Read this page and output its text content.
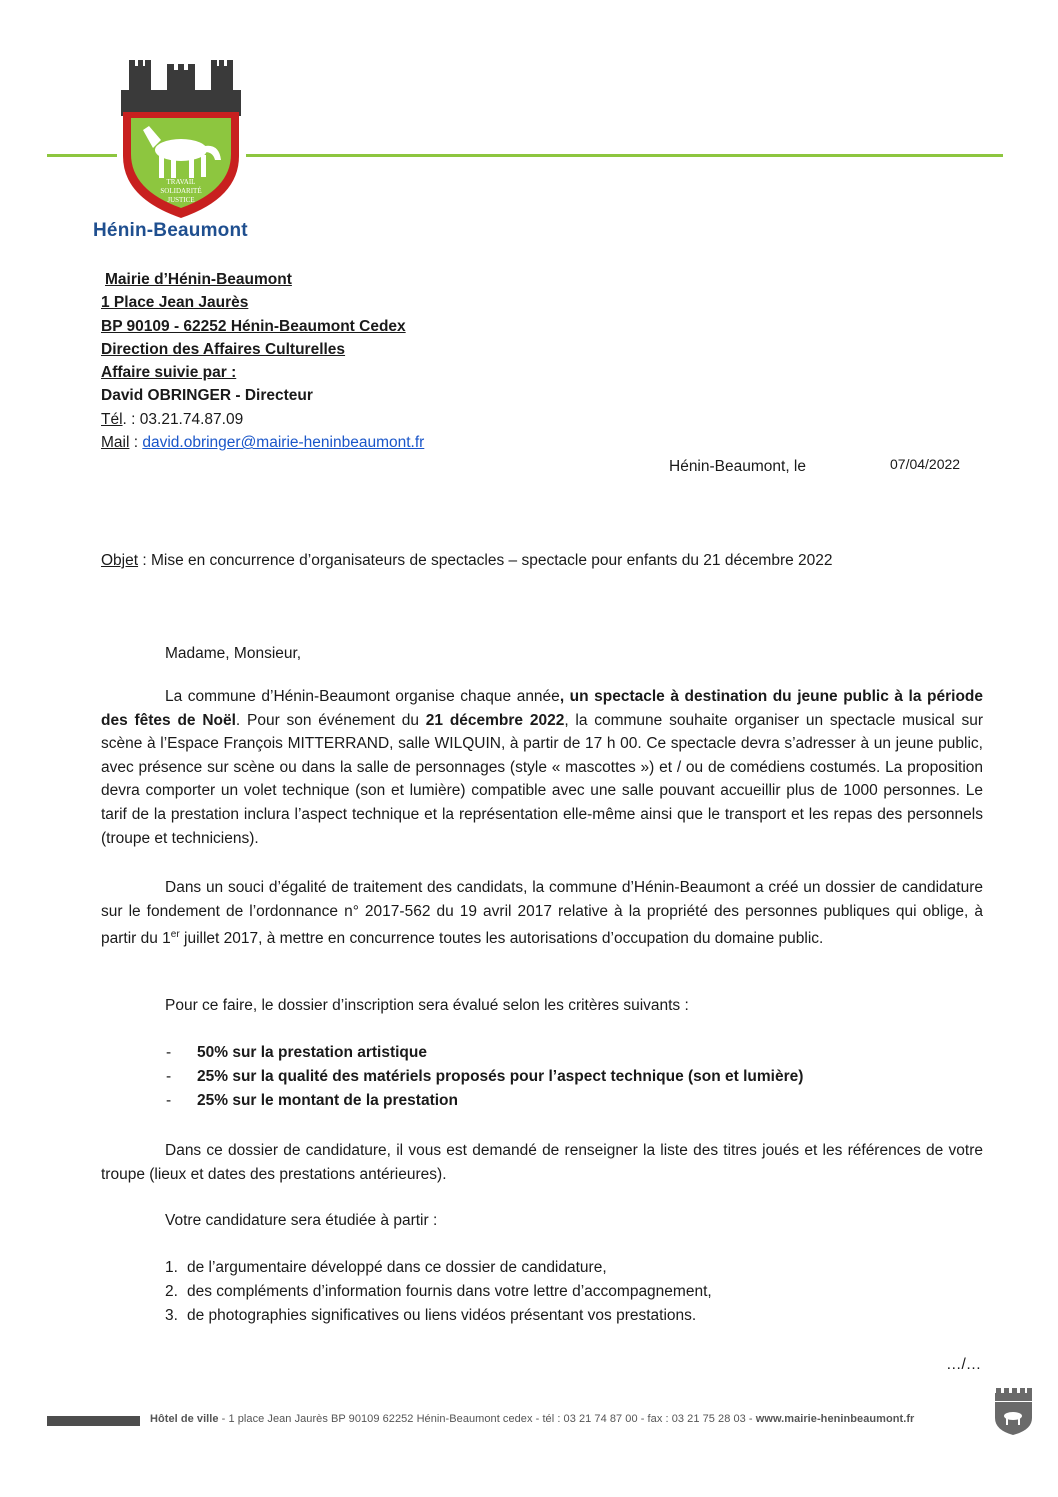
TRAVAIL
SOLIDARITÉ
JUSTICE
Hénin-Beaumont
Mairie d’Hénin-Beaumont
1 Place Jean Jaurès
BP 90109 - 62252 Hénin-Beaumont Cedex
Direction des Affaires Culturelles
Affaire suivie par :
David OBRINGER - Directeur
Tél. : 03.21.74.87.09
Mail : david.obringer@mairie-heninbeaumont.fr
Hénin-Beaumont, le	07/04/2022
Objet : Mise en concurrence d’organisateurs de spectacles – spectacle pour enfants du 21 décembre 2022
Madame, Monsieur,
La commune d’Hénin-Beaumont organise chaque année, un spectacle à destination du jeune public à la période des fêtes de Noël. Pour son événement du 21 décembre 2022, la commune souhaite organiser un spectacle musical sur scène à l’Espace François MITTERRAND, salle WILQUIN, à partir de 17 h 00. Ce spectacle devra s’adresser à un jeune public, avec présence sur scène ou dans la salle de personnages (style « mascottes ») et / ou de comédiens costumés. La proposition devra comporter un volet technique (son et lumière) compatible avec une salle pouvant accueillir plus de 1000 personnes. Le tarif de la prestation inclura l’aspect technique et la représentation elle-même ainsi que le transport et les repas des personnels (troupe et techniciens).
Dans un souci d’égalité de traitement des candidats, la commune d’Hénin-Beaumont a créé un dossier de candidature sur le fondement de l’ordonnance n° 2017-562 du 19 avril 2017 relative à la propriété des personnes publiques qui oblige, à partir du 1er juillet 2017, à mettre en concurrence toutes les autorisations d’occupation du domaine public.
Pour ce faire, le dossier d’inscription sera évalué selon les critères suivants :
- 50% sur la prestation artistique
- 25% sur la qualité des matériels proposés pour l’aspect technique (son et lumière)
- 25% sur le montant de la prestation
Dans ce dossier de candidature, il vous est demandé de renseigner la liste des titres joués et les références de votre troupe (lieux et dates des prestations antérieures).
Votre candidature sera étudiée à partir :
1. de l’argumentaire développé dans ce dossier de candidature,
2. des compléments d’information fournis dans votre lettre d’accompagnement,
3. de photographies significatives ou liens vidéos présentant vos prestations.
…/…
Hôtel de ville - 1 place Jean Jaurès BP 90109 62252 Hénin-Beaumont cedex - tél : 03 21 74 87 00 - fax : 03 21 75 28 03 - www.mairie-heninbeaumont.fr
